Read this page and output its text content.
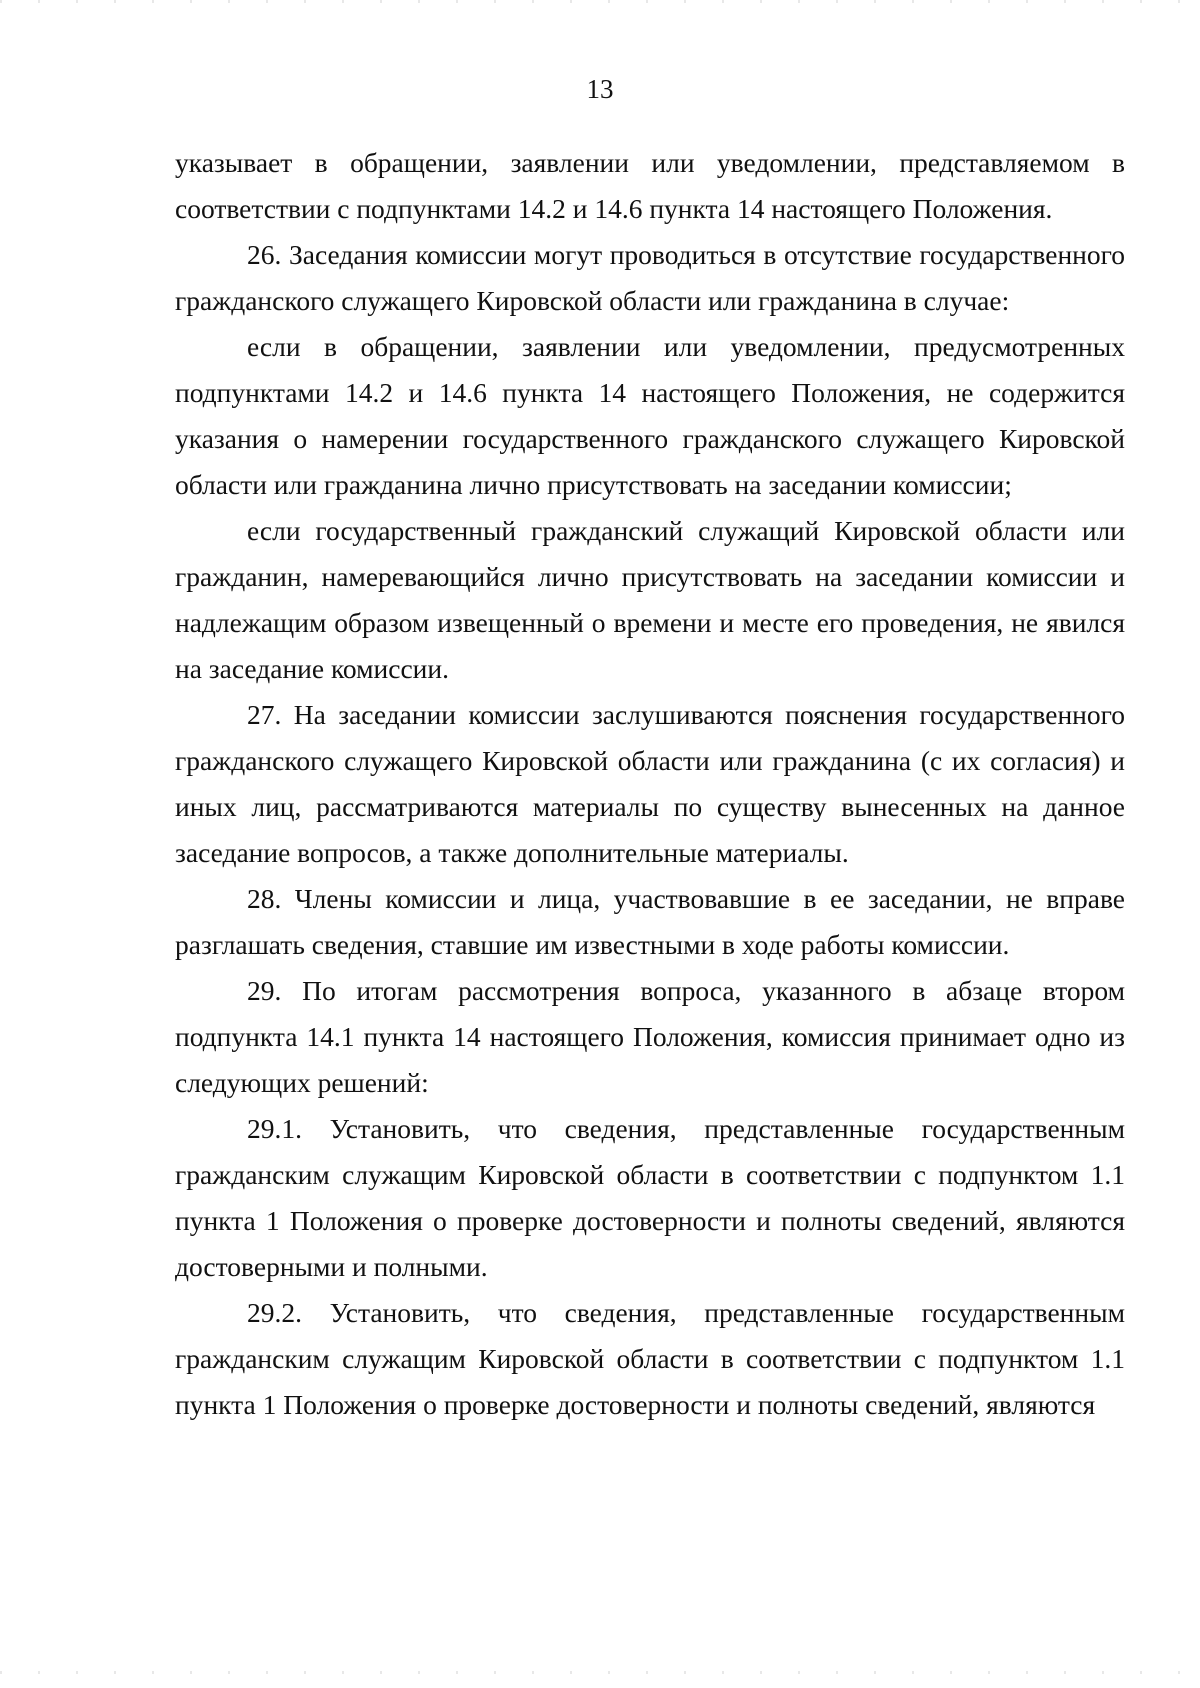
13

указывает в обращении, заявлении или уведомлении, представляемом в соответствии с подпунктами 14.2 и 14.6 пункта 14 настоящего Положения.

26. Заседания комиссии могут проводиться в отсутствие государственного гражданского служащего Кировской области или гражданина в случае:

если в обращении, заявлении или уведомлении, предусмотренных подпунктами 14.2 и 14.6 пункта 14 настоящего Положения, не содержится указания о намерении государственного гражданского служащего Кировской области или гражданина лично присутствовать на заседании комиссии;

если государственный гражданский служащий Кировской области или гражданин, намеревающийся лично присутствовать на заседании комиссии и надлежащим образом извещенный о времени и месте его проведения, не явился на заседание комиссии.

27. На заседании комиссии заслушиваются пояснения государственного гражданского служащего Кировской области или гражданина (с их согласия) и иных лиц, рассматриваются материалы по существу вынесенных на данное заседание вопросов, а также дополнительные материалы.

28. Члены комиссии и лица, участвовавшие в ее заседании, не вправе разглашать сведения, ставшие им известными в ходе работы комиссии.

29. По итогам рассмотрения вопроса, указанного в абзаце втором подпункта 14.1 пункта 14 настоящего Положения, комиссия принимает одно из следующих решений:

29.1. Установить, что сведения, представленные государственным гражданским служащим Кировской области в соответствии с подпунктом 1.1 пункта 1 Положения о проверке достоверности и полноты сведений, являются достоверными и полными.

29.2. Установить, что сведения, представленные государственным гражданским служащим Кировской области в соответствии с подпунктом 1.1 пункта 1 Положения о проверке достоверности и полноты сведений, являются
